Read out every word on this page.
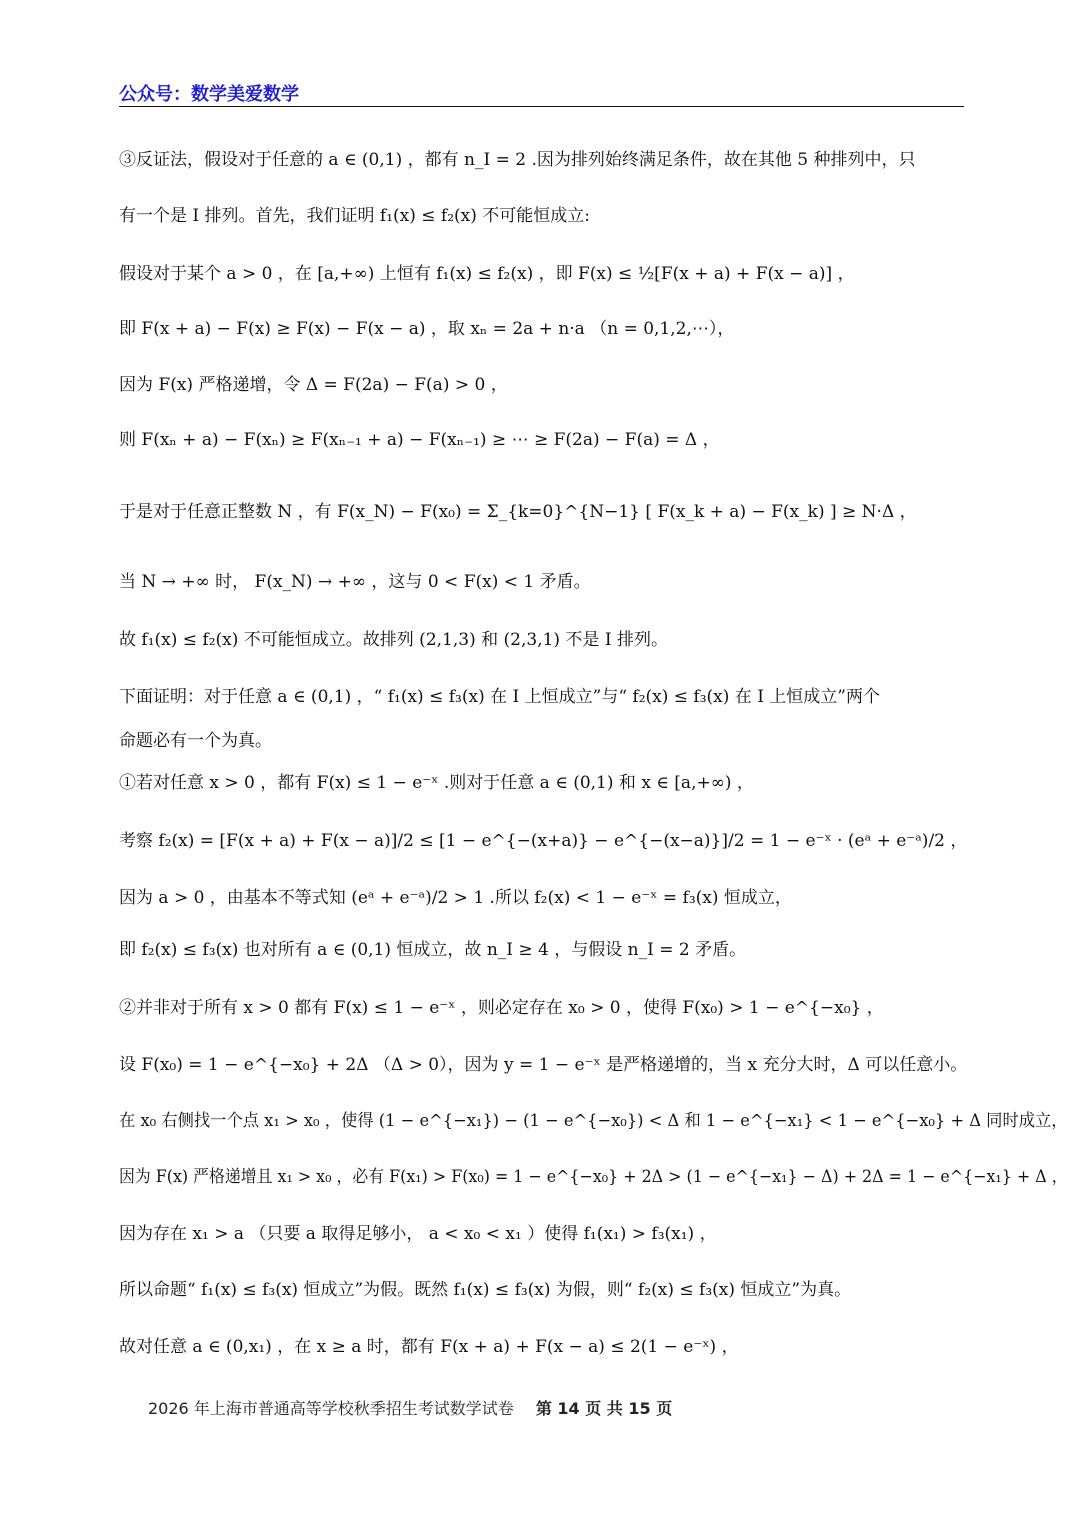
公众号：数学美爱数学
③反证法，假设对于任意的 a ∈ (0,1) ，都有 n_I = 2 .因为排列始终满足条件，故在其他 5 种排列中，只
有一个是 I 排列。首先，我们证明 f₁(x) ≤ f₂(x) 不可能恒成立:
假设对于某个 a > 0 ，在 [a,+∞) 上恒有 f₁(x) ≤ f₂(x) ，即 F(x) ≤ ½[F(x + a) + F(x − a)] ，
即 F(x + a) − F(x) ≥ F(x) − F(x − a) ，取 xₙ = 2a + n·a （n = 0,1,2,⋯），
因为 F(x) 严格递增，令 Δ = F(2a) − F(a) > 0 ，
则 F(xₙ + a) − F(xₙ) ≥ F(xₙ₋₁ + a) − F(xₙ₋₁) ≥ ⋯ ≥ F(2a) − F(a) = Δ ，
于是对于任意正整数 N ，有 F(x_N) − F(x₀) = Σ_{k=0}^{N−1} [ F(x_k + a) − F(x_k) ] ≥ N·Δ ，
当 N → +∞ 时， F(x_N) → +∞ ，这与 0 < F(x) < 1 矛盾。
故 f₁(x) ≤ f₂(x) 不可能恒成立。故排列 (2,1,3) 和 (2,3,1) 不是 I 排列。
下面证明：对于任意 a ∈ (0,1) ，“ f₁(x) ≤ f₃(x) 在 I 上恒成立”与“ f₂(x) ≤ f₃(x) 在 I 上恒成立”两个
命题必有一个为真。
①若对任意 x > 0 ，都有 F(x) ≤ 1 − e⁻ˣ .则对于任意 a ∈ (0,1) 和 x ∈ [a,+∞) ，
考察 f₂(x) = [F(x + a) + F(x − a)]/2 ≤ [1 − e^{−(x+a)} − e^{−(x−a)}]/2 = 1 − e⁻ˣ · (eᵃ + e⁻ᵃ)/2 ，
因为 a > 0 ，由基本不等式知 (eᵃ + e⁻ᵃ)/2 > 1 .所以 f₂(x) < 1 − e⁻ˣ = f₃(x) 恒成立，
即 f₂(x) ≤ f₃(x) 也对所有 a ∈ (0,1) 恒成立，故 n_I ≥ 4 ，与假设 n_I = 2 矛盾。
②并非对于所有 x > 0 都有 F(x) ≤ 1 − e⁻ˣ ，则必定存在 x₀ > 0 ，使得 F(x₀) > 1 − e^{−x₀} ，
设 F(x₀) = 1 − e^{−x₀} + 2Δ （Δ > 0），因为 y = 1 − e⁻ˣ 是严格递增的，当 x 充分大时，Δ 可以任意小。
在 x₀ 右侧找一个点 x₁ > x₀ ，使得 (1 − e^{−x₁}) − (1 − e^{−x₀}) < Δ 和 1 − e^{−x₁} < 1 − e^{−x₀} + Δ 同时成立，
因为 F(x) 严格递增且 x₁ > x₀ ，必有 F(x₁) > F(x₀) = 1 − e^{−x₀} + 2Δ > (1 − e^{−x₁} − Δ) + 2Δ = 1 − e^{−x₁} + Δ ，
因为存在 x₁ > a （只要 a 取得足够小， a < x₀ < x₁ ）使得 f₁(x₁) > f₃(x₁) ，
所以命题“ f₁(x) ≤ f₃(x) 恒成立”为假。既然 f₁(x) ≤ f₃(x) 为假，则“ f₂(x) ≤ f₃(x) 恒成立”为真。
故对任意 a ∈ (0,x₁) ，在 x ≥ a 时，都有 F(x + a) + F(x − a) ≤ 2(1 − e⁻ˣ) ，
2026 年上海市普通高等学校秋季招生考试数学试卷 第 14 页 共 15 页
